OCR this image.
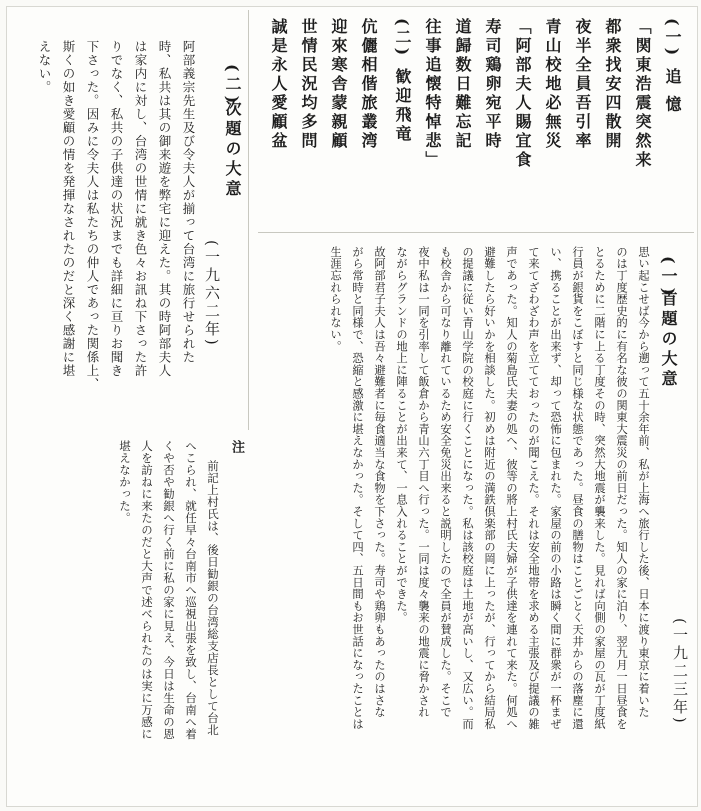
(一)
追 憶
「関東浩震突然来
都衆找安四散開
夜半全員吾引率
青山校地必無災
「阿部夫人賜宜食
寿司鶏卵宛平時
道歸数日難忘記
往事追懐特悼悲」
(二)
歓迎飛竜
伉儷相偕旅叢湾
迎來寒舎蒙親顧
世情民況均多問
誠是永人愛顧盆
(二)
次題の大意
(一九六二年)
阿部義宗先生及び令夫人が揃って台湾に旅行せられた
時、私共は其の御来遊を弊宅に迎えた。其の時阿部夫人
は家内に対し、台湾の世情に就き色々お訊ね下さった許
りでなく、私共の子供達の状況までも詳細に亘りお聞き
下さった。因みに令夫人は私たちの仲人であった関係上、
斯くの如き愛顧の情を発揮なされたのだと深く感謝に堪
えない。
(一)
首題の大意
(一九二三年)
思い起こせば今から遡って五十余年前、私が上海へ旅行した後、日本に渡り東京に着いた
のは丁度歴史的に有名な彼の関東大震災の前日だった。知人の家に泊り、翌九月一日昼食を
とるために二階に上る丁度その時、突然大地震が襲来した。見れば向側の家屋の瓦が丁度紙
行員が銀貨をこぼすと同じ様な状態であった。昼食の膳物はことごとく天井からの落塵に還
い、携ることが出来ず、却って恐怖に包まれた。家屋の前の小路は瞬く間に群衆が一杯まぜ
て来てざわざわ声を立てておったのが聞こえた。それは安全地帯を求める主張及び提議の雑
声であった。知人の菊島氏夫妻の処へ、彼等の將上村氏夫婦が子供達を連れて来た。何処へ
避難したら好いかを相談した。初めは附近の満鉄倶楽部の岡に上ったが、行ってから結局私
の提議に従い青山学院の校庭に行くことになった。私は該校庭は土地が高いし、又広い。而
も校舎から可なり離れているため安全免災出来ると説明したので全員が賛成した。そこで
夜中私は一同を引率して飯倉から青山六丁目へ行った。一同は度々襲来の地震に脅かされ
ながらグランドの地上に陣ることが出来て、一息入れることができた。
故阿部君子夫人は吾々避難者に毎食適当な食物を下さった。寿司や鶏卵もあったのはさな
がら常時と同様で、恐縮と感激に堪えなかった。そして四、五日間もお世話になったことは
生涯忘れられない。
注
前記上村氏は、後日勧銀の台湾総支店長として台北
へこられ、就任早々台南市へ巡視出張を致し、台南へ着
くや否や勧銀へ行く前に私の家に見え、今日は生命の恩
人を訪ねに来たのだと大声で述べられたのは実に万感に
堪えなかった。
